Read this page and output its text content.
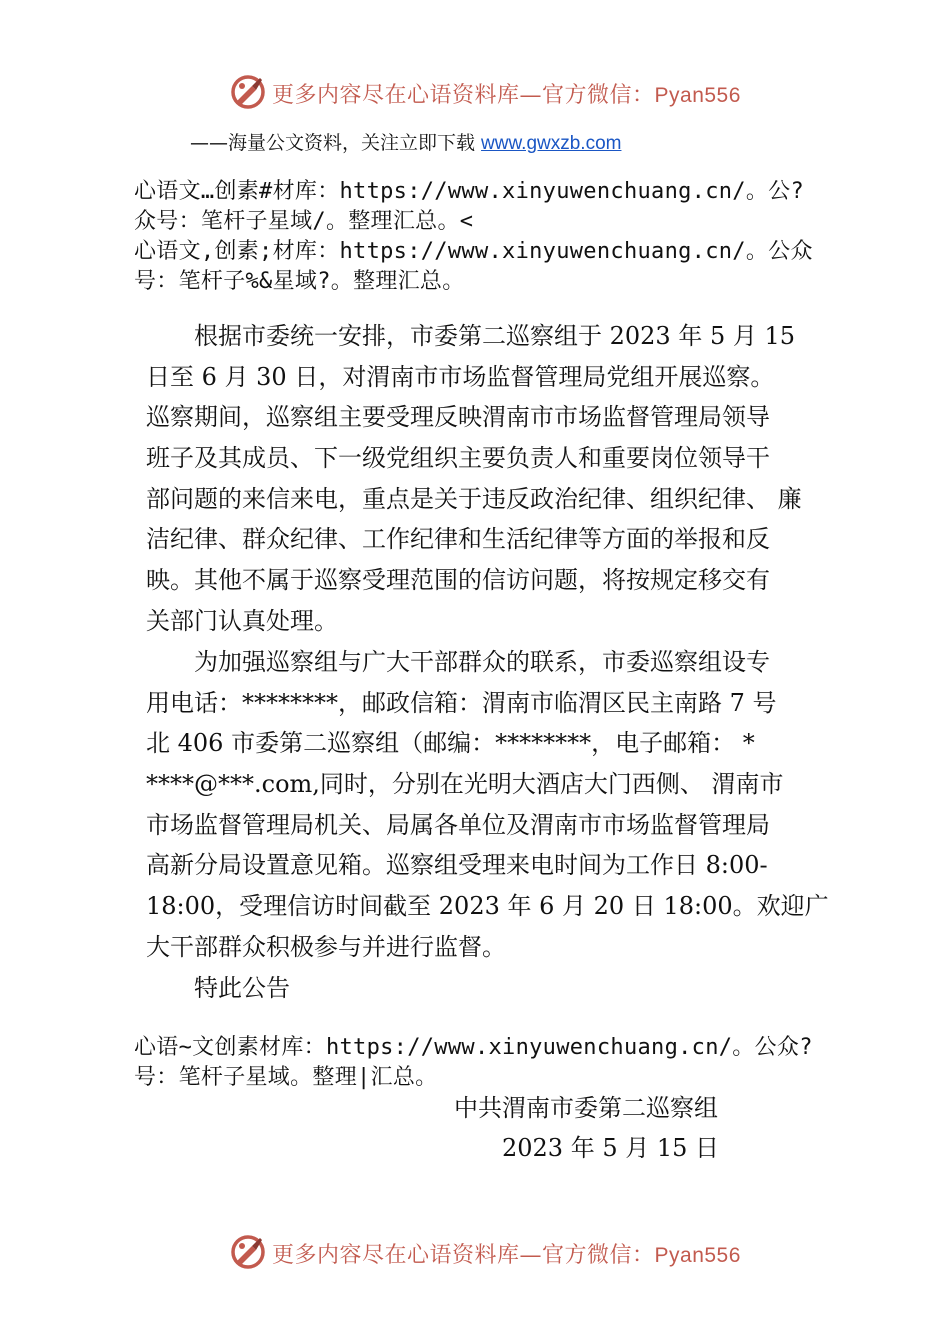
更多内容尽在心语资料库—官方微信：Pyan556
——海量公文资料，关注立即下载 www.gwxzb.com
心语文…创素#材库：https://www.xinyuwenchuang.cn/。公?
众号：笔杆子星域/。整理汇总。<
心语文,创素;材库：https://www.xinyuwenchuang.cn/。公众
号：笔杆子%&星域?。整理汇总。
根据市委统一安排，市委第二巡察组于 2023 年 5 月 15
日至 6 月 30 日，对渭南市市场监督管理局党组开展巡察。
巡察期间，巡察组主要受理反映渭南市市场监督管理局领导
班子及其成员、下一级党组织主要负责人和重要岗位领导干
部问题的来信来电，重点是关于违反政治纪律、组织纪律、 廉
洁纪律、群众纪律、工作纪律和生活纪律等方面的举报和反
映。其他不属于巡察受理范围的信访问题，将按规定移交有
关部门认真处理。
为加强巡察组与广大干部群众的联系，市委巡察组设专
用电话：********，邮政信箱：渭南市临渭区民主南路 7 号
北 406 市委第二巡察组（邮编：********，电子邮箱： *
****@***.com,同时，分别在光明大酒店大门西侧、 渭南市
市场监督管理局机关、局属各单位及渭南市市场监督管理局
高新分局设置意见箱。巡察组受理来电时间为工作日 8:00-
18:00，受理信访时间截至 2023 年 6 月 20 日 18:00。欢迎广
大干部群众积极参与并进行监督。
特此公告
心语~文创素材库：https://www.xinyuwenchuang.cn/。公众?
号：笔杆子星域。整理|汇总。
中共渭南市委第二巡察组
2023 年 5 月 15 日
更多内容尽在心语资料库—官方微信：Pyan556
